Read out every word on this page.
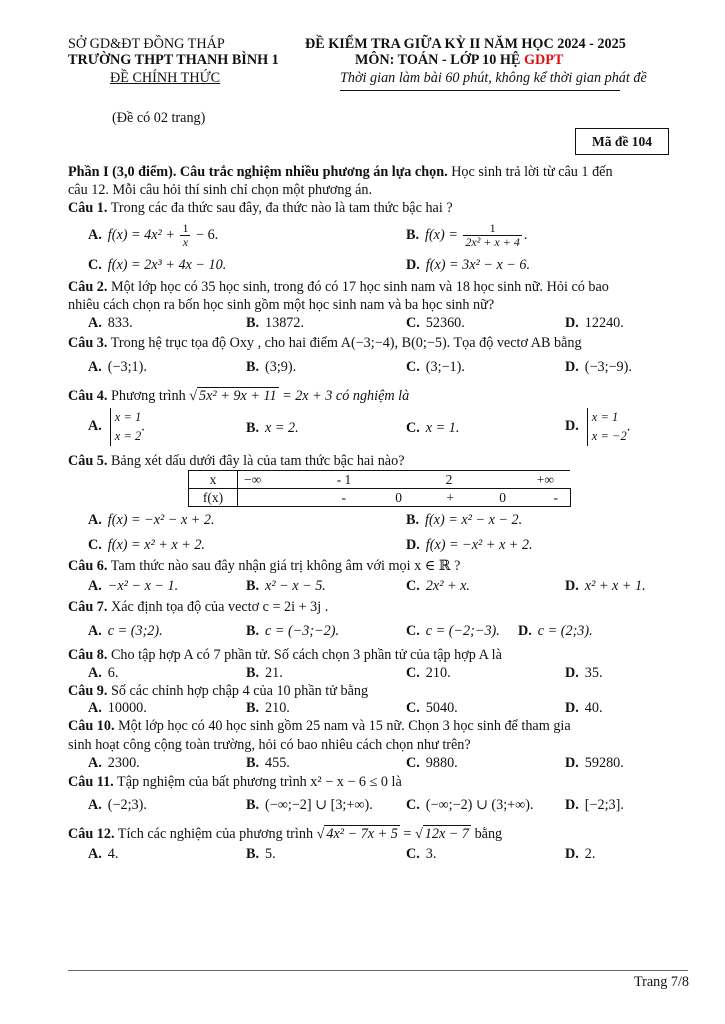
SỞ GD&ĐT ĐỒNG THÁP
TRƯỜNG THPT THANH BÌNH 1
ĐỀ CHÍNH THỨC
ĐỀ KIỂM TRA GIỮA KỲ II NĂM HỌC 2024 - 2025
MÔN: TOÁN - LỚP 10 HỆ GDPT
Thời gian làm bài 60 phút, không kể thời gian phát đề
(Đề có 02 trang)
Mã đề 104
Phần I (3,0 điểm). Câu trắc nghiệm nhiều phương án lựa chọn. Học sinh trả lời từ câu 1 đến
câu 12. Mỗi câu hỏi thí sinh chỉ chọn một phương án.
Câu 1. Trong các đa thức sau đây, đa thức nào là tam thức bậc hai ?
A. $f(x) = 4x^2 + \frac{1}{x} - 6$.	B. $f(x) = \frac{1}{\text{2x² + x + 4}}$ .
C. f(x) = 2x³ + 4x − 10.	D. f(x) = 3x² − x − 6.
Câu 2. Một lớp học có 35 học sinh, trong đó có 17 học sinh nam và 18 học sinh nữ. Hỏi có bao
nhiêu cách chọn ra bốn học sinh gồm một học sinh nam và ba học sinh nữ?
A. 833.	B. 13872.	C. 52360.	D. 12240.
Câu 3. Trong hệ trục tọa độ Oxy , cho hai điểm A(−3;−4), B(0;−5). Tọa độ vectơ AB bằng
A. (−3;1).	B. (3;9).	C. (3;−1).	D. (−3;−9).
Câu 4. Phương trình √ 5x² + 9x + 11 = 2x + 3 có nghiệm là
A.
x = 1
x = 2
.	B. x = 2.	C. x = 1.	D.
x = 1
x = −2
.
Câu 5. Bảng xét dấu dưới đây là của tam thức bậc hai nào?
x	−∞ - 1 2 +∞
f(x)	- 0 + 0 -
A. f(x) = −x² − x + 2.	B. f(x) = x² − x − 2.
C. f(x) = x² + x + 2.	D. f(x) = −x² + x + 2.
Câu 6. Tam thức nào sau đây nhận giá trị không âm với mọi x ∈ ℝ ?
A. −x² − x − 1.	B. x² − x − 5.	C. 2x² + x.	D. x² + x + 1.
Câu 7. Xác định tọa độ của vectơ c = 2i + 3j .
A. c = (3;2).	B. c = (−3;−2).	C. c = (−2;−3). D. c = (2;3).
Câu 8. Cho tập hợp A có 7 phần tử. Số cách chọn 3 phần tử của tập hợp A là
A. 6.	B. 21.	C. 210.	D. 35.
Câu 9. Số các chỉnh hợp chập 4 của 10 phần tử bằng
A. 10000.	B. 210.	C. 5040.	D. 40.
Câu 10. Một lớp học có 40 học sinh gồm 25 nam và 15 nữ. Chọn 3 học sinh để tham gia
sinh hoạt công cộng toàn trường, hỏi có bao nhiêu cách chọn như trên?
A. 2300.	B. 455.	C. 9880.	D. 59280.
Câu 11. Tập nghiệm của bất phương trình x² − x − 6 ≤ 0 là
A. (−2;3).	B. (−∞;−2] ∪ [3;+∞). C. (−∞;−2) ∪ (3;+∞). D. [−2;3].
Câu 12. Tích các nghiệm của phương trình √ 4x² − 7x + 5 = √ 12x − 7 bằng
A. 4.	B. 5.	C. 3.	D. 2.
Trang 7/8
